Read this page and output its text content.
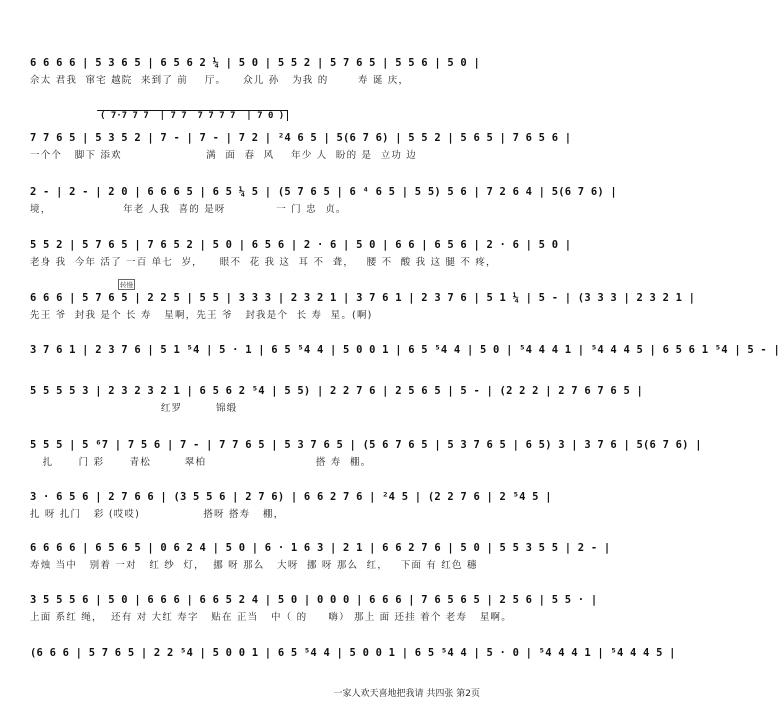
6 6 6 6 | 5 3 6 5 | 6 5 6 2 ¼ | 5 0 | 5 5 2 | 5 7 6 5 | 5 5 6 | 5 0 |
佘太 君我  窜宅 越院  来到了 前    厅。    众儿 孙   为我 的       寿 诞 庆，
( 7·7 7 7  | 7 7  7 7 7 7  | 7 0 )
7 7 6 5 | 5 3 5 2 | 7 - | 7 - | 7 2 | ²4 6 5 | 5(6 7 6) | 5 5 2 | 5 6 5 | 7 6 5 6 |
一个个   脚下 添欢                    满  面  春  风    年少 人  盼的 是  立功 边
2 - | 2 - | 2 0 | 6 6 6 5 | 6 5 ¼ 5 | (5 7 6 5 | 6 ⁴ 6 5 | 5 5) 5 6 | 7 2 6 4 | 5(6 7 6) |
境，                 年老 人我  喜的 是呀            一 门 忠  贞。
5 5 2 | 5 7 6 5 | 7 6 5 2 | 5 0 | 6 5 6 | 2 · 6 | 5 0 | 6 6 | 6 5 6 | 2 · 6 | 5 0 |
老身 我  今年 活了 一百 单七  岁，    眼不  花 我 这  耳 不  聋，   腰 不  酸 我 这 腿 不 疼，
转慢
6 6 6 | 5 7 6 5 | 2 2 5 | 5 5 | 3 3 3 | 2 3 2 1 | 3 7 6 1 | 2 3 7 6 | 5 1 ¼ | 5 - | (3 3 3 | 2 3 2 1 |
先王 爷  封我 是个 长 寿   星啊，先王 爷   封我是个  长 寿  星。(啊)
3 7 6 1 | 2 3 7 6 | 5 1 ⁵4 | 5 · 1 | 6 5 ⁵4 4 | 5 0 0 1 | 6 5 ⁵4 4 | 5 0 | ⁵4 4 4 1 | ⁵4 4 4 5 | 6 5 6 1 ⁵4 | 5 - |
5 5 5 5 3 | 2 3 2 3 2 1 | 6 5 6 2 ⁵4 | 5 5) | 2 2 7 6 | 2 5 6 5 | 5 - | (2 2 2 | 2 7 6 7 6 5 |
红罗        锦缎
5 5 5 | 5 ⁶7 | 7 5 6 | 7 - | 7 7 6 5 | 5 3 7 6 5 | (5 6 7 6 5 | 5 3 7 6 5 | 6 5) 3 | 3 7 6 | 5(6 7 6) |
扎      门 彩      青松        翠柏                          搭 寿  棚。
3 · 6 5 6 | 2 7 6 6 | (3 5 5 6 | 2 7 6) | 6 6 2 7 6 | ²4 5 | (2 2 7 6 | 2 ⁵4 5 |
扎 呀 扎门   彩 (哎哎)               搭呀 搭寿   棚，
6 6 6 6 | 6 5 6 5 | 0 6 2 4 | 5 0 | 6 · 1 6 3 | 2 1 | 6 6 2 7 6 | 5 0 | 5 5 3 5 5 | 2 - |
寿烛 当中   别着 一对   红 纱  灯，  挪 呀 那么   大呀  挪 呀 那么  红，   下面 有 红色 穗
3 5 5 5 6 | 5 0 | 6 6 6 | 6 6 5 2 4 | 5 0 | 0 0 0 | 6 6 6 | 7 6 5 6 5 | 2 5 6 | 5 5 · |
上面 系红 绳，  还有 对 大红 寿字   贴在 正当   中（ 的     嗨） 那上 面 还挂 着个 老寿   星啊。
(6 6 6 | 5 7 6 5 | 2 2 ⁵4 | 5 0 0 1 | 6 5 ⁵4 4 | 5 0 0 1 | 6 5 ⁵4 4 | 5 · 0 | ⁵4 4 4 1 | ⁵4 4 4 5 |
一家人欢天喜地把我请 共四张 第2页
